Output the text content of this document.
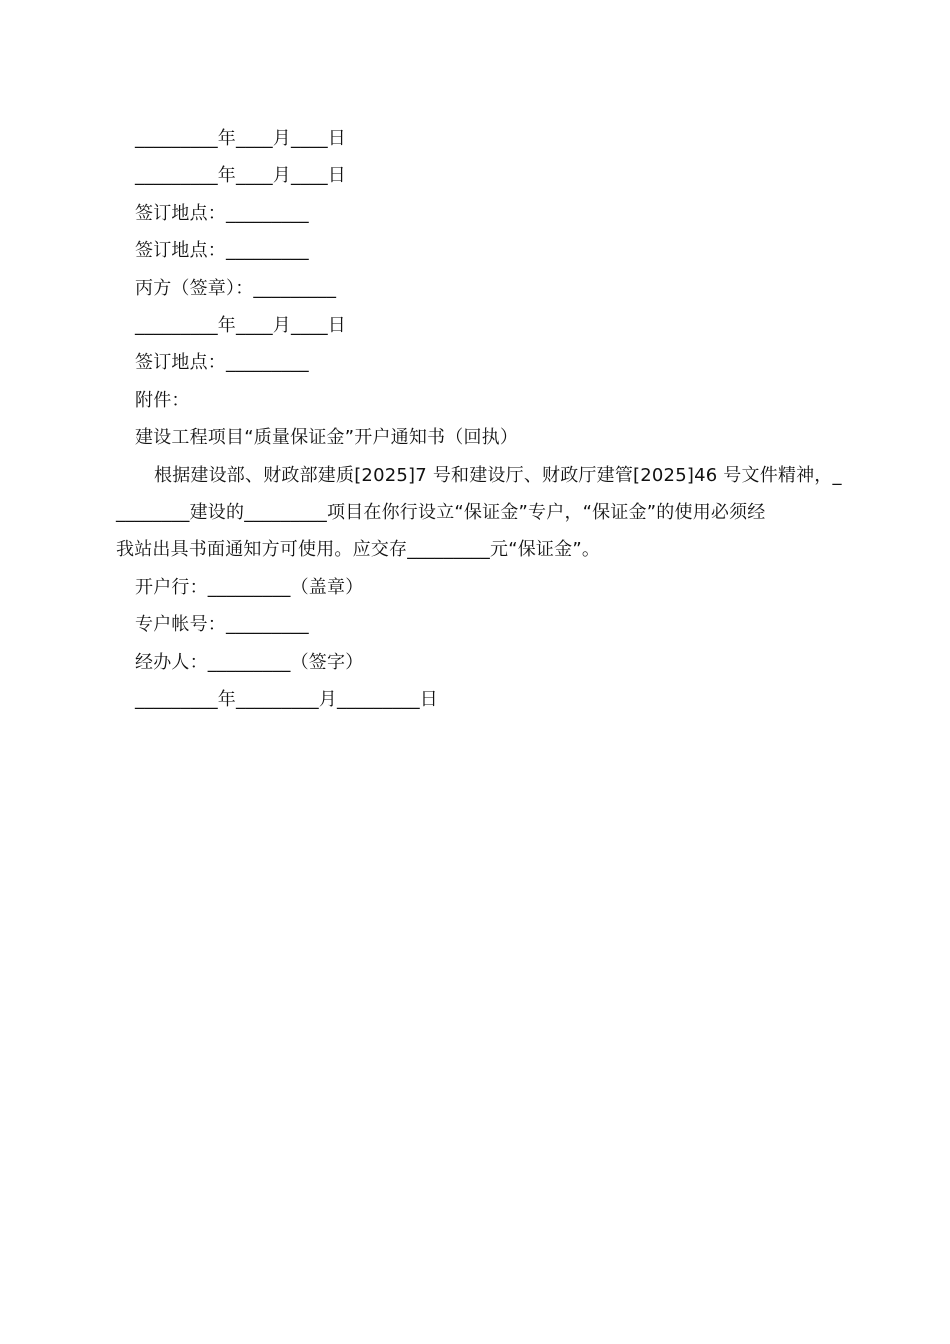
_________年____月____日
_________年____月____日
签订地点：_________
签订地点：_________
丙方（签章）：_________
_________年____月____日
签订地点：_________
附件：
建设工程项目“质量保证金”开户通知书（回执）
根据建设部、财政部建质[2025]7 号和建设厅、财政厅建管[2025]46 号文件精神，_
________建设的_________项目在你行设立“保证金”专户，“保证金”的使用必须经
我站出具书面通知方可使用。应交存_________元“保证金”。
开户行：_________（盖章）
专户帐号：_________
经办人：_________（签字）
_________年_________月_________日
